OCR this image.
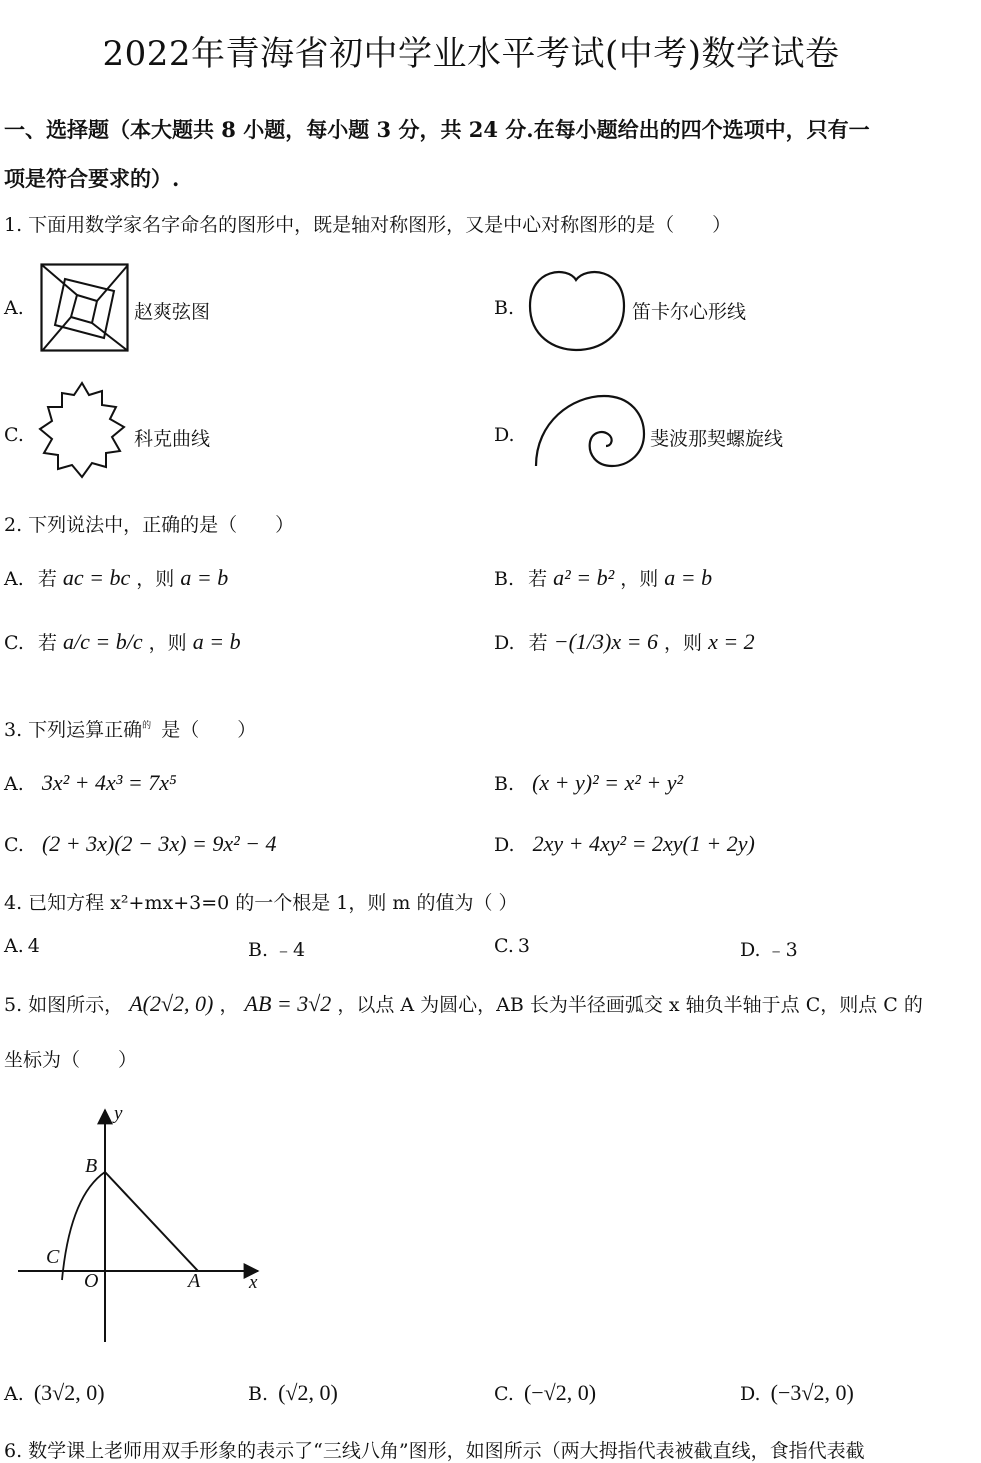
2022年青海省初中学业水平考试(中考)数学试卷
一、选择题（本大题共 8 小题，每小题 3 分，共 24 分.在每小题给出的四个选项中，只有一
项是符合要求的）.
1. 下面用数学家名字命名的图形中，既是轴对称图形，又是中心对称图形的是（　　）
A.	赵爽弦图	B.	笛卡尔心形线
C.	科克曲线	D.	斐波那契螺旋线
2. 下列说法中，正确的是（　　）
A. 若 ac = bc ，则 a = b	B. 若 a² = b² ，则 a = b
C. 若 a/c = b/c ，则 a = b	D. 若 −(1/3)x = 6 ，则 x = 2
3. 下列运算正确$^的$ 是（　　）
A. 3x² + 4x³ = 7x⁵	B. (x + y)² = x² + y²
C. (2 + 3x)(2 − 3x) = 9x² − 4	D. 2xy + 4xy² = 2xy(1 + 2y)
4. 已知方程 x²+mx+3=0 的一个根是 1，则 m 的值为（ ）
A. 4	B. ﹣4	C. 3	D. ﹣3
5. 如图所示， A(2√2, 0) ， AB = 3√2 ，以点 A 为圆心，AB 长为半径画弧交 x 轴负半轴于点 C，则点 C 的
坐标为（　　）
y
x
B
C
O	A
A. (3√2, 0)	B. (√2, 0)	C. (−√2, 0)	D. (−3√2, 0)
6. 数学课上老师用双手形象的表示了“三线八角”图形，如图所示（两大拇指代表被截直线，食指代表截
